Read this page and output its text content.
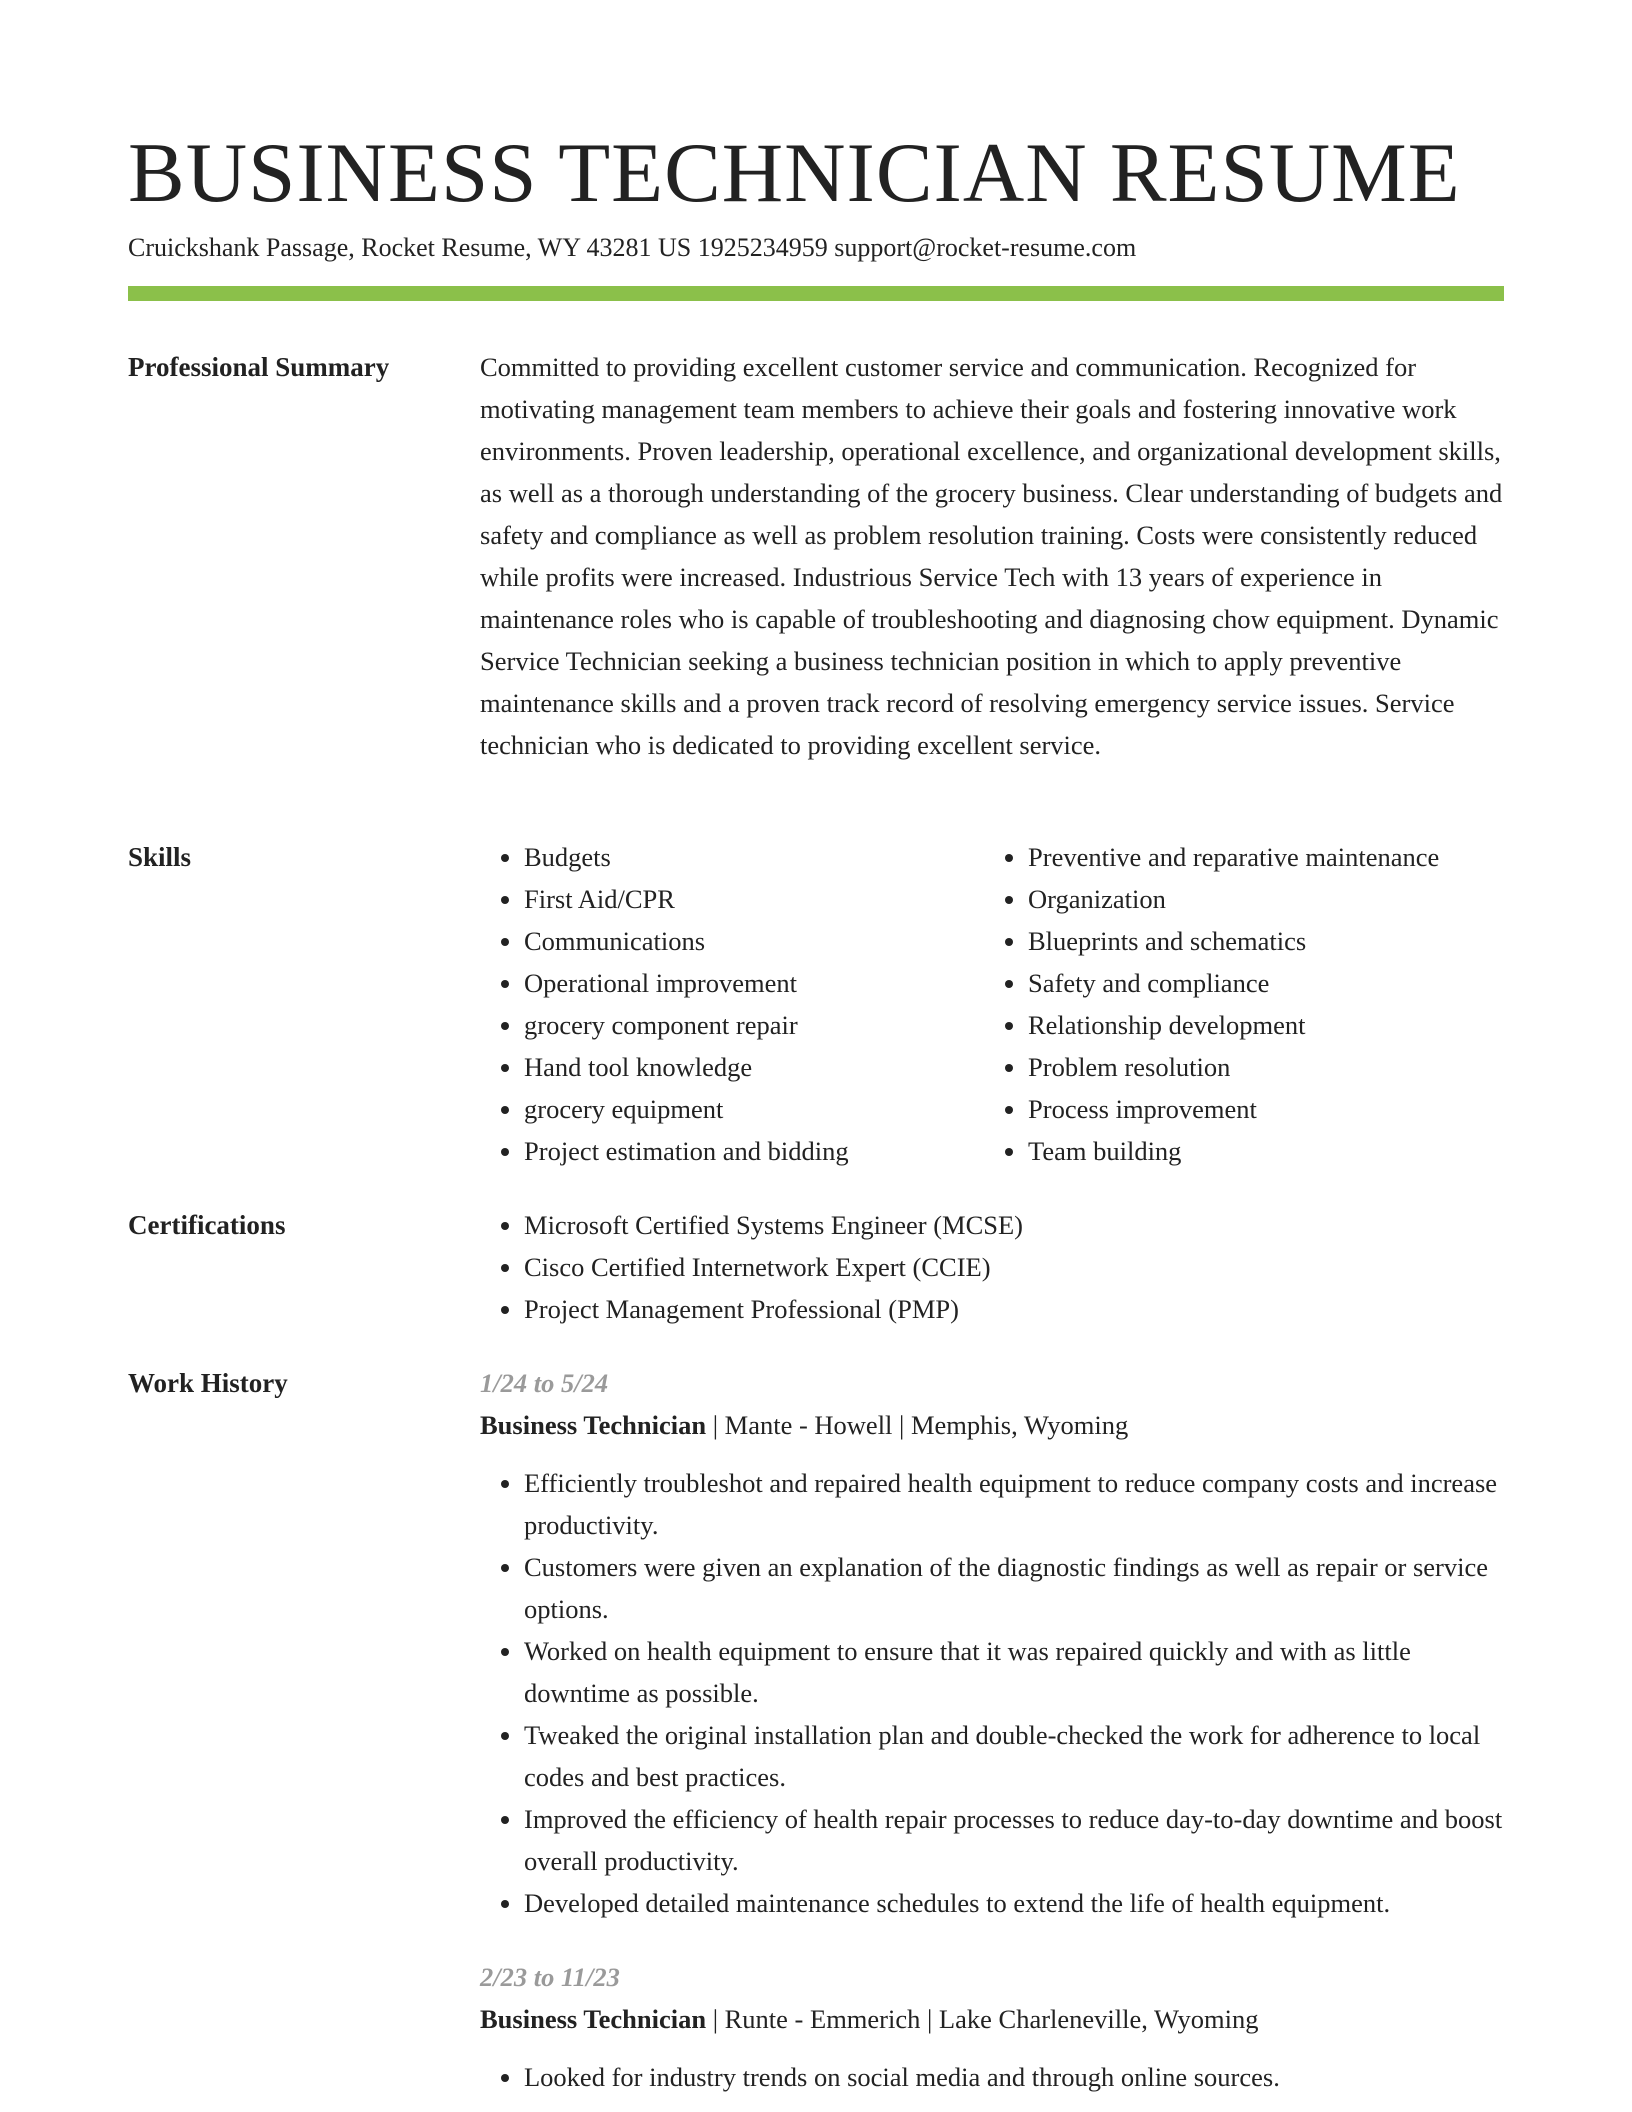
BUSINESS TECHNICIAN RESUME
Cruickshank Passage, Rocket Resume, WY 43281 US 1925234959 support@rocket-resume.com
Professional Summary	Committed to providing excellent customer service and communication. Recognized for motivating management team members to achieve their goals and fostering innovative work environments. Proven leadership, operational excellence, and organizational development skills, as well as a thorough understanding of the grocery business. Clear understanding of budgets and safety and compliance as well as problem resolution training. Costs were consistently reduced while profits were increased. Industrious Service Tech with 13 years of experience in maintenance roles who is capable of troubleshooting and diagnosing chow equipment. Dynamic Service Technician seeking a business technician position in which to apply preventive maintenance skills and a proven track record of resolving emergency service issues. Service technician who is dedicated to providing excellent service.

Skills	• Budgets
• First Aid/CPR
• Communications
• Operational improvement
• grocery component repair
• Hand tool knowledge
• grocery equipment
• Project estimation and bidding
• Preventive and reparative maintenance
• Organization
• Blueprints and schematics
• Safety and compliance
• Relationship development
• Problem resolution
• Process improvement
• Team building
Certifications	• Microsoft Certified Systems Engineer (MCSE)
• Cisco Certified Internetwork Expert (CCIE)
• Project Management Professional (PMP)
Work History	1/24 to 5/24
Business Technician | Mante - Howell | Memphis, Wyoming
• Efficiently troubleshot and repaired health equipment to reduce company costs and increase productivity.
• Customers were given an explanation of the diagnostic findings as well as repair or service options.
• Worked on health equipment to ensure that it was repaired quickly and with as little downtime as possible.
• Tweaked the original installation plan and double-checked the work for adherence to local codes and best practices.
• Improved the efficiency of health repair processes to reduce day-to-day downtime and boost overall productivity.
• Developed detailed maintenance schedules to extend the life of health equipment.
2/23 to 11/23
Business Technician | Runte - Emmerich | Lake Charleneville, Wyoming
• Looked for industry trends on social media and through online sources.
